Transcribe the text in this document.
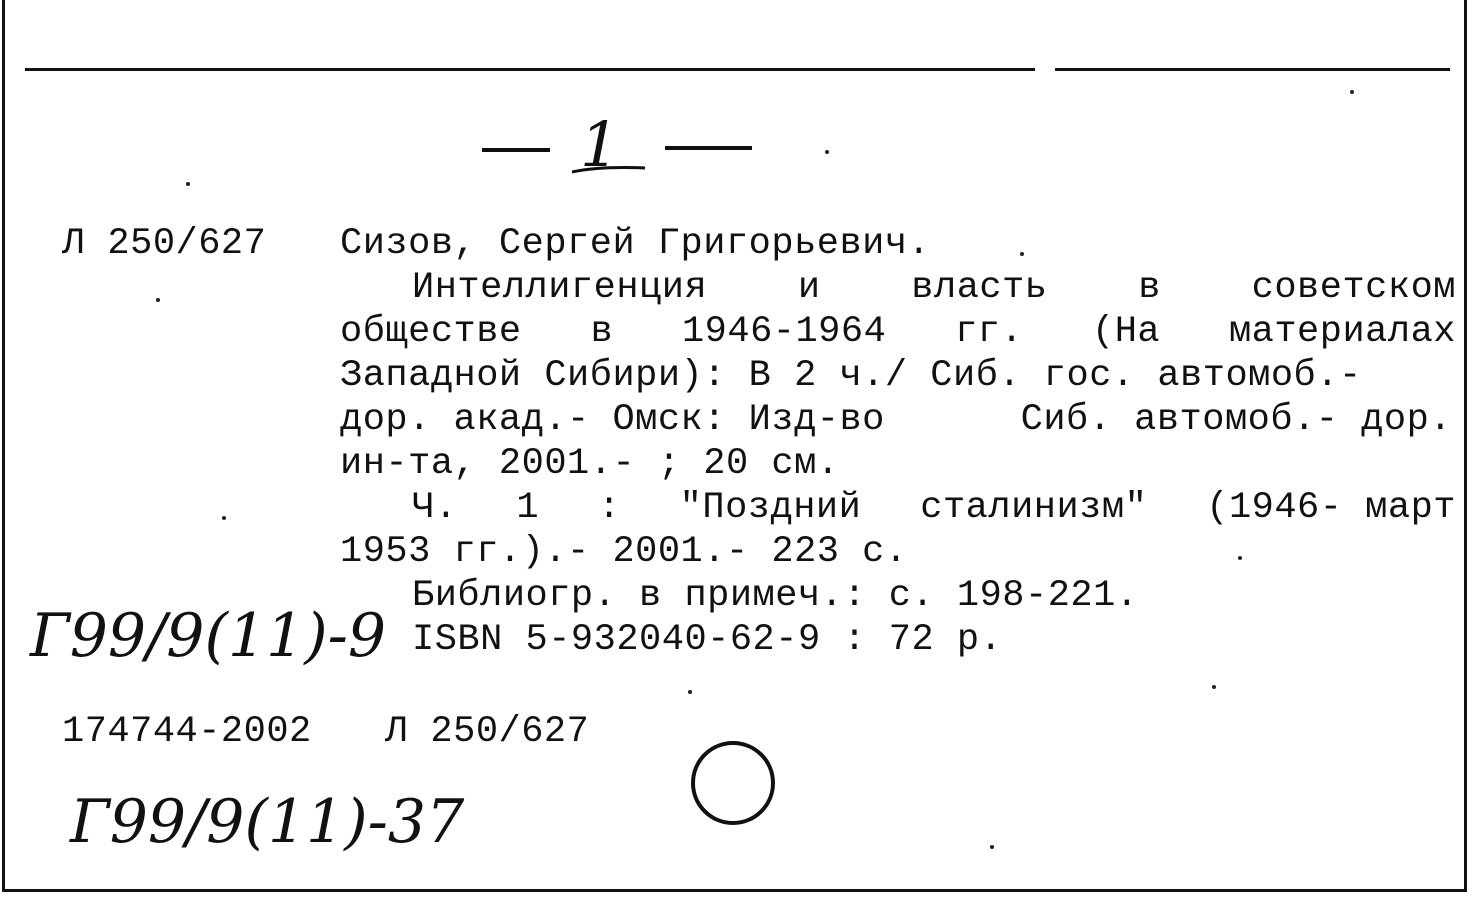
1
Л 250/627 Сизов, Сергей Григорьевич.
Интеллигенция и власть в советском
обществе в 1946-1964 гг. (На материалах
Западной Сибири): В 2 ч./ Сиб. гос. автомоб.-
дор. акад.- Омск: Изд-во	Сиб. автомоб.- дор.
ин-та, 2001.- ; 20 см.
Ч. 1 : "Поздний сталинизм" (1946- март
1953 гг.).- 2001.- 223 с.
Библиогр. в примеч.: с. 198-221.
Г99/9(11)-9 ISBN 5-932040-62-9 : 72 р.
174744-2002 Л 250/627
Г99/9(11)-37
